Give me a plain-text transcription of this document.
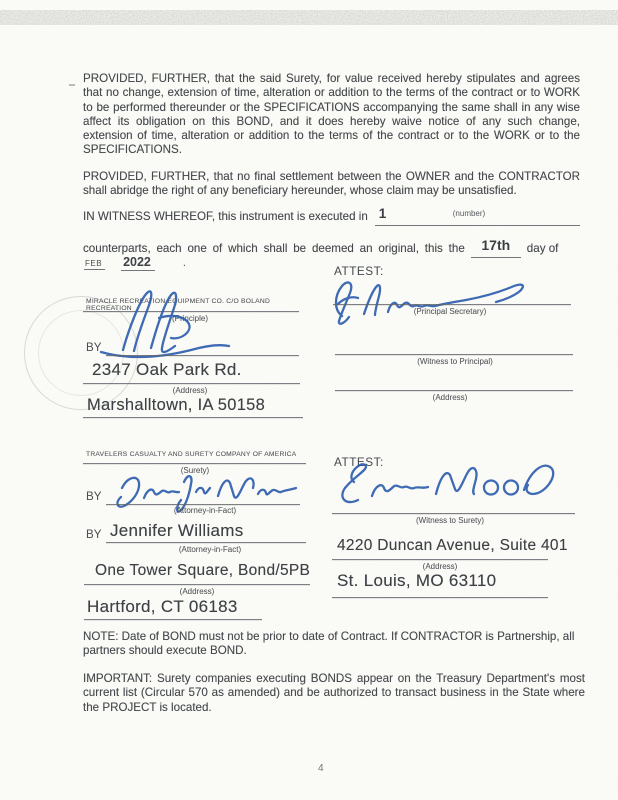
PROVIDED, FURTHER, that the said Surety, for value received hereby stipulates and agrees that no change, extension of time, alteration or addition to the terms of the contract or to WORK to be performed thereunder or the SPECIFICATIONS accompanying the same shall in any wise affect its obligation on this BOND, and it does hereby waive notice of any such change, extension of time, alteration or addition to the terms of the contract or to the WORK or to the SPECIFICATIONS.
PROVIDED, FURTHER, that no final settlement between the OWNER and the CONTRACTOR shall abridge the right of any beneficiary hereunder, whose claim may be unsatisfied.
IN WITNESS WHEREOF, this instrument is executed in 1	(number)
counterparts, each one of which shall be deemed an original, this the	17th	day of
FEB 2022	.
MIRACLE RECREATION EQUIPMENT CO. C/O BOLAND RECREATION
(Principle)
BY
2347 Oak Park Rd.
(Address)
Marshalltown, IA 50158
ATTEST:
(Principal Secretary)
(Witness to Principal)
(Address)
TRAVELERS CASUALTY AND SURETY COMPANY OF AMERICA
(Surety)
BY
(Attorney-in-Fact)
BY Jennifer Williams
(Attorney-in-Fact)
One Tower Square, Bond/5PB
(Address)
Hartford, CT 06183
ATTEST:
(Witness to Surety)
4220 Duncan Avenue, Suite 401
(Address)
St. Louis, MO 63110
NOTE: Date of BOND must not be prior to date of Contract. If CONTRACTOR is Partnership, all partners should execute BOND.
IMPORTANT: Surety companies executing BONDS appear on the Treasury Department's most current list (Circular 570 as amended) and be authorized to transact business in the State where the PROJECT is located.
4
